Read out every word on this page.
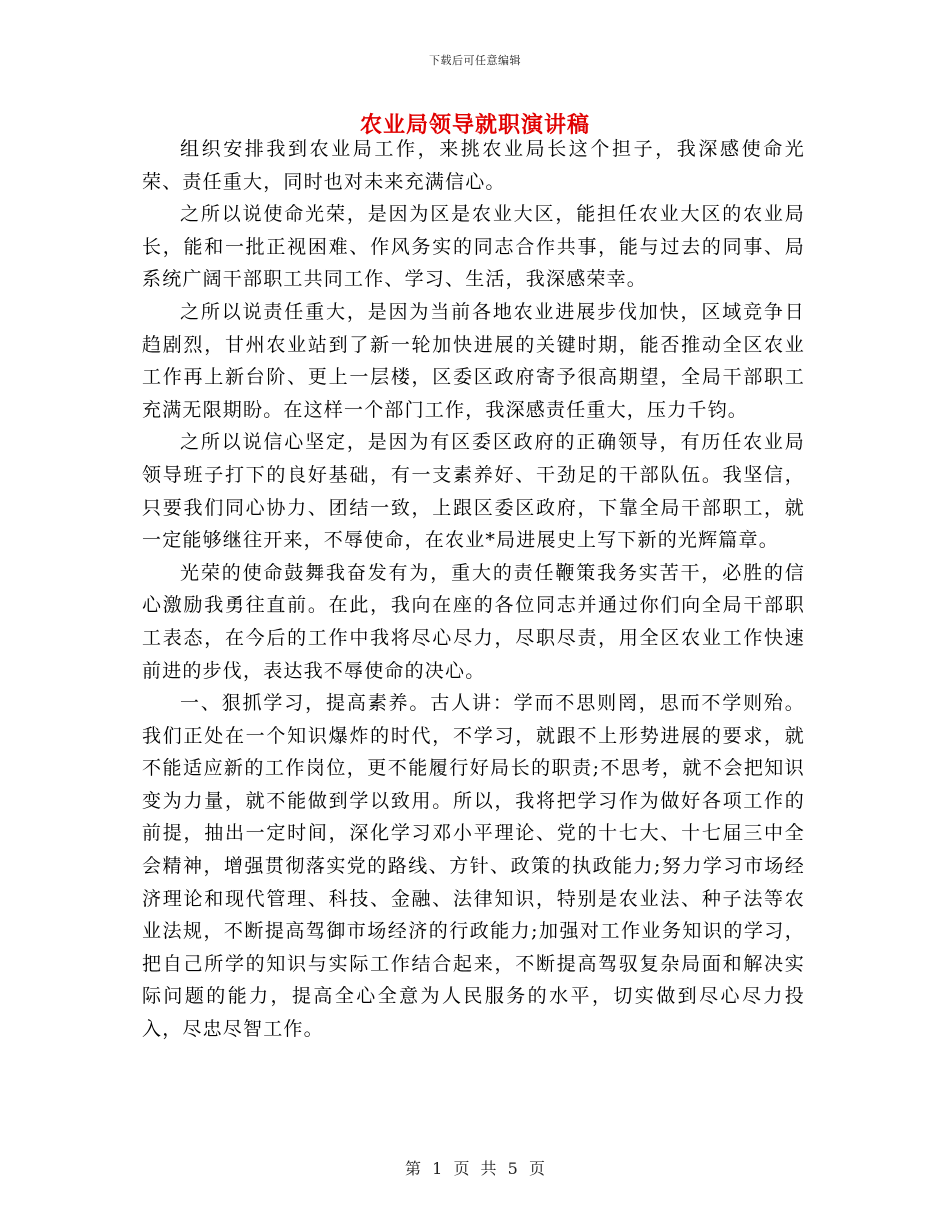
下载后可任意编辑
农业局领导就职演讲稿

组织安排我到农业局工作，来挑农业局长这个担子，我深感使命光荣、责任重大，同时也对未来充满信心。

之所以说使命光荣，是因为区是农业大区，能担任农业大区的农业局长，能和一批正视困难、作风务实的同志合作共事，能与过去的同事、局系统广阔干部职工共同工作、学习、生活，我深感荣幸。

之所以说责任重大，是因为当前各地农业进展步伐加快，区域竞争日趋剧烈，甘州农业站到了新一轮加快进展的关键时期，能否推动全区农业工作再上新台阶、更上一层楼，区委区政府寄予很高期望，全局干部职工充满无限期盼。在这样一个部门工作，我深感责任重大，压力千钧。

之所以说信心坚定，是因为有区委区政府的正确领导，有历任农业局领导班子打下的良好基础，有一支素养好、干劲足的干部队伍。我坚信，只要我们同心协力、团结一致，上跟区委区政府，下靠全局干部职工，就一定能够继往开来，不辱使命，在农业*局进展史上写下新的光辉篇章。

光荣的使命鼓舞我奋发有为，重大的责任鞭策我务实苦干，必胜的信心激励我勇往直前。在此，我向在座的各位同志并通过你们向全局干部职工表态，在今后的工作中我将尽心尽力，尽职尽责，用全区农业工作快速前进的步伐，表达我不辱使命的决心。

一、狠抓学习，提高素养。古人讲：学而不思则罔，思而不学则殆。我们正处在一个知识爆炸的时代，不学习，就跟不上形势进展的要求，就不能适应新的工作岗位，更不能履行好局长的职责;不思考，就不会把知识变为力量，就不能做到学以致用。所以，我将把学习作为做好各项工作的前提，抽出一定时间，深化学习邓小平理论、党的十七大、十七届三中全会精神，增强贯彻落实党的路线、方针、政策的执政能力;努力学习市场经济理论和现代管理、科技、金融、法律知识，特别是农业法、种子法等农业法规，不断提高驾御市场经济的行政能力;加强对工作业务知识的学习，把自己所学的知识与实际工作结合起来，不断提高驾驭复杂局面和解决实际问题的能力，提高全心全意为人民服务的水平，切实做到尽心尽力投入，尽忠尽智工作。

第 1 页 共 5 页
